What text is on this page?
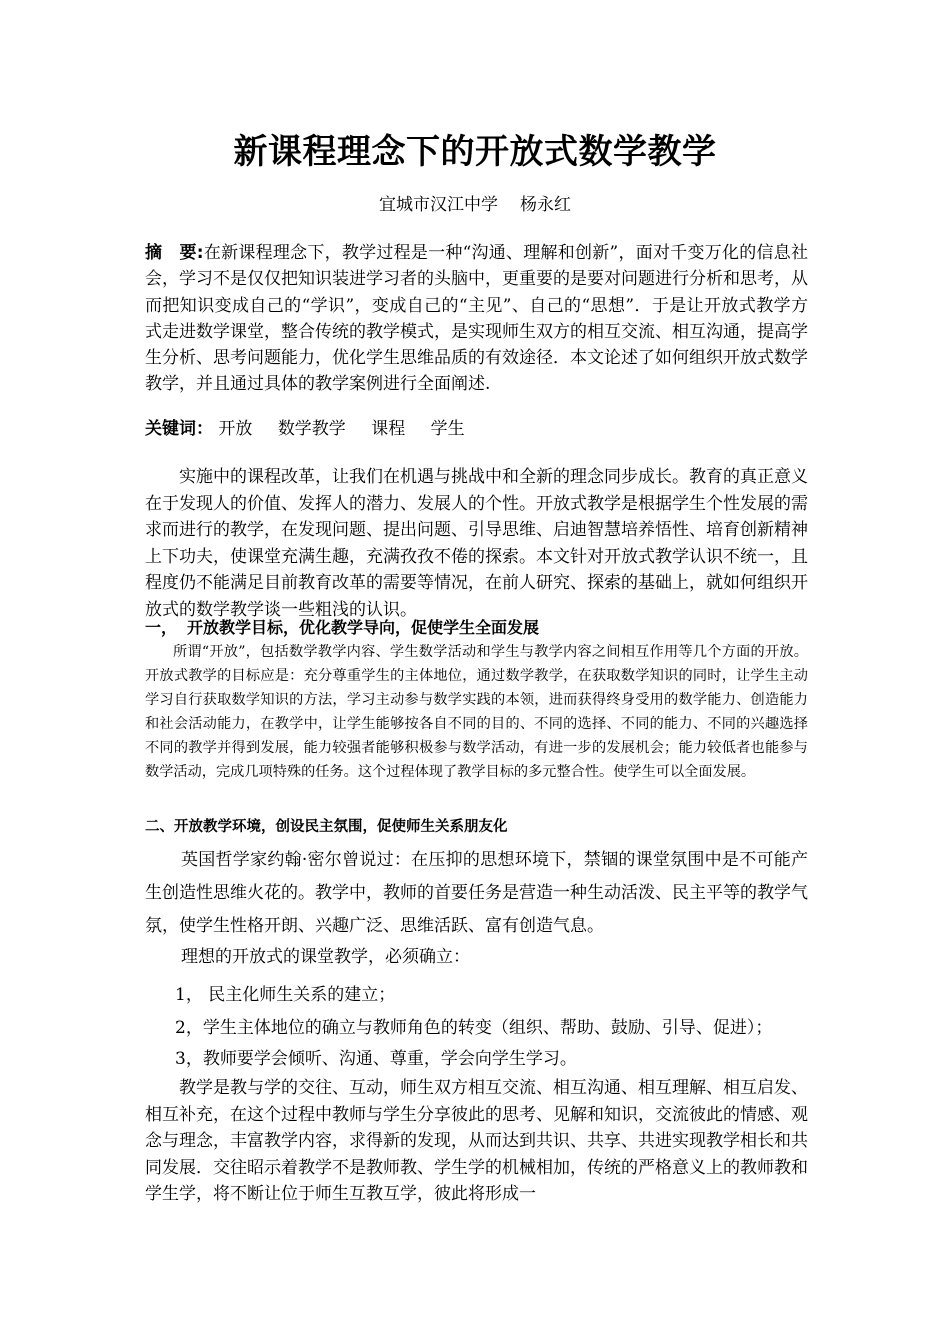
新课程理念下的开放式数学教学
宜城市汉江中学 杨永红
摘　要:在新课程理念下，教学过程是一种“沟通、理解和创新”，面对千变万化的信息社会，学习不是仅仅把知识装进学习者的头脑中，更重要的是要对问题进行分析和思考，从而把知识变成自己的“学识”，变成自己的“主见”、自己的“思想”．于是让开放式教学方式走进数学课堂，整合传统的教学模式，是实现师生双方的相互交流、相互沟通，提高学生分析、思考问题能力，优化学生思维品质的有效途径．本文论述了如何组织开放式数学教学，并且通过具体的教学案例进行全面阐述.
关键词： 开放 数学教学 课程 学生
实施中的课程改革，让我们在机遇与挑战中和全新的理念同步成长。教育的真正意义在于发现人的价值、发挥人的潜力、发展人的个性。开放式教学是根据学生个性发展的需求而进行的教学，在发现问题、提出问题、引导思维、启迪智慧培养悟性、培育创新精神上下功夫，使课堂充满生趣，充满孜孜不倦的探索。本文针对开放式教学认识不统一，且程度仍不能满足目前教育改革的需要等情况，在前人研究、探索的基础上，就如何组织开放式的数学教学谈一些粗浅的认识。
一， 开放教学目标，优化教学导向，促使学生全面发展
所谓“开放”，包括数学教学内容、学生数学活动和学生与教学内容之间相互作用等几个方面的开放。开放式教学的目标应是：充分尊重学生的主体地位，通过数学教学，在获取数学知识的同时，让学生主动学习自行获取数学知识的方法，学习主动参与数学实践的本领，进而获得终身受用的数学能力、创造能力和社会活动能力，在教学中，让学生能够按各自不同的目的、不同的选择、不同的能力、不同的兴趣选择不同的教学并得到发展，能力较强者能够积极参与数学活动，有进一步的发展机会；能力较低者也能参与数学活动，完成几项特殊的任务。这个过程体现了教学目标的多元整合性。使学生可以全面发展。
二、开放教学环境，创设民主氛围，促使师生关系朋友化
英国哲学家约翰·密尔曾说过：在压抑的思想环境下，禁锢的课堂氛围中是不可能产生创造性思维火花的。教学中，教师的首要任务是营造一种生动活泼、民主平等的教学气氛，使学生性格开朗、兴趣广泛、思维活跃、富有创造气息。
理想的开放式的课堂教学，必须确立：
1， 民主化师生关系的建立；
2，学生主体地位的确立与教师角色的转变（组织、帮助、鼓励、引导、促进）；
3，教师要学会倾听、沟通、尊重，学会向学生学习。
教学是教与学的交往、互动，师生双方相互交流、相互沟通、相互理解、相互启发、相互补充，在这个过程中教师与学生分享彼此的思考、见解和知识，交流彼此的情感、观念与理念，丰富教学内容，求得新的发现，从而达到共识、共享、共进实现教学相长和共同发展．交往昭示着教学不是教师教、学生学的机械相加，传统的严格意义上的教师教和学生学，将不断让位于师生互教互学，彼此将形成一
